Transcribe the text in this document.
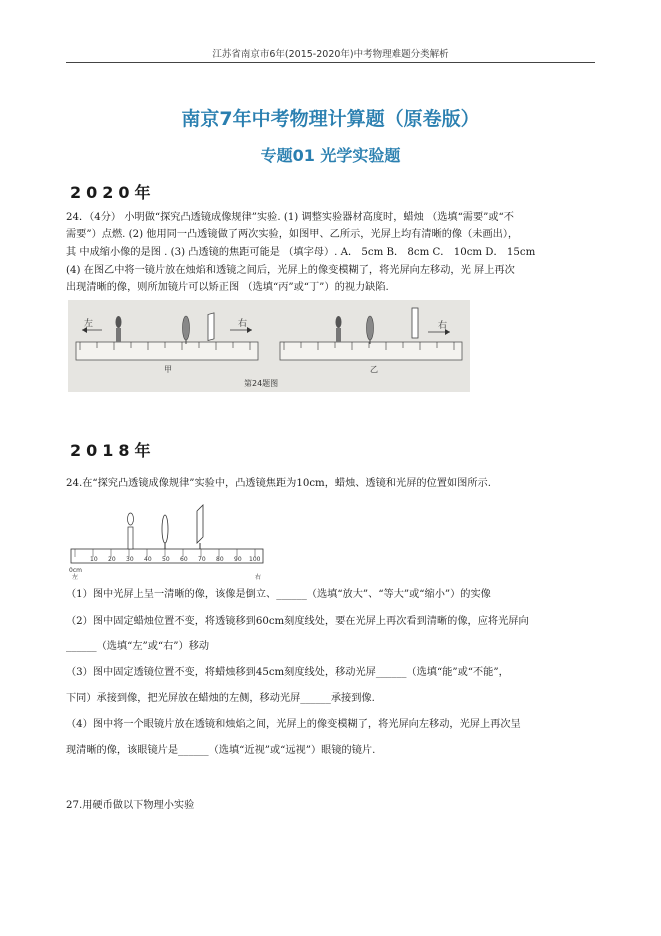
江苏省南京市6年(2015-2020年)中考物理难题分类解析
南京7年中考物理计算题（原卷版）
专题01 光学实验题
2020年
24．（4分） 小明做“探究凸透镜成像规律”实验. (1) 调整实验器材高度时，蜡烛 （选填“需要”或“不
需要”）点燃. (2) 他用同一凸透镜做了两次实验，如图甲、乙所示，光屏上均有清晰的像（未画出），
其 中成缩小像的是图 . (3) 凸透镜的焦距可能是 （填字母）. A． 5cm B． 8cm C． 10cm D． 15cm
(4) 在图乙中将一镜片放在烛焰和透镜之间后，光屏上的像变模糊了，将光屏向左移动，光 屏上再次
出现清晰的像，则所加镜片可以矫正图 （选填“丙”或“丁”）的视力缺陷.
左	右
甲
右
乙
第24题图
2018年
24.在“探究凸透镜成像规律”实验中，凸透镜焦距为10cm，蜡烛、透镜和光屏的位置如图所示.
0cm
10 20 30 40 50 60 70 80 90 100
左	右
（1）图中光屏上呈一清晰的像，该像是倒立、______（选填“放大”、“等大”或“缩小”）的实像
（2）图中固定蜡烛位置不变，将透镜移到60cm刻度线处，要在光屏上再次看到清晰的像，应将光屏向
______（选填“左”或“右”）移动
（3）图中固定透镜位置不变，将蜡烛移到45cm刻度线处，移动光屏______（选填“能”或“不能”，
下同）承接到像，把光屏放在蜡烛的左侧，移动光屏______承接到像.
（4）图中将一个眼镜片放在透镜和烛焰之间，光屏上的像变模糊了，将光屏向左移动，光屏上再次呈
现清晰的像，该眼镜片是______（选填“近视”或“远视”）眼镜的镜片.
27.用硬币做以下物理小实验
